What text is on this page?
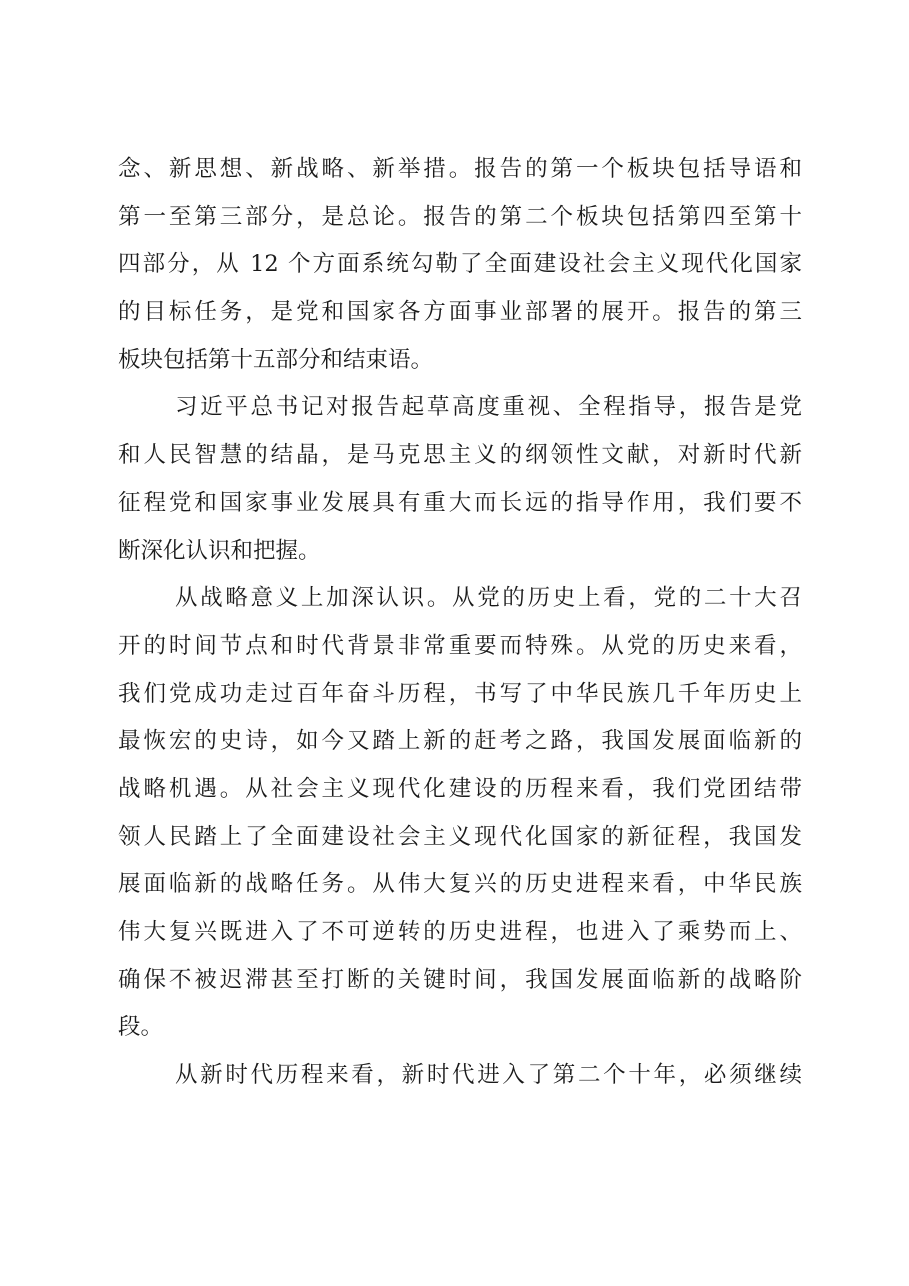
念、新思想、新战略、新举措。报告的第一个板块包括导语和
第一至第三部分，是总论。报告的第二个板块包括第四至第十
四部分，从 12 个方面系统勾勒了全面建设社会主义现代化国家
的目标任务，是党和国家各方面事业部署的展开。报告的第三
板块包括第十五部分和结束语。
习近平总书记对报告起草高度重视、全程指导，报告是党
和人民智慧的结晶，是马克思主义的纲领性文献，对新时代新
征程党和国家事业发展具有重大而长远的指导作用，我们要不
断深化认识和把握。
从战略意义上加深认识。从党的历史上看，党的二十大召
开的时间节点和时代背景非常重要而特殊。从党的历史来看，
我们党成功走过百年奋斗历程，书写了中华民族几千年历史上
最恢宏的史诗，如今又踏上新的赶考之路，我国发展面临新的
战略机遇。从社会主义现代化建设的历程来看，我们党团结带
领人民踏上了全面建设社会主义现代化国家的新征程，我国发
展面临新的战略任务。从伟大复兴的历史进程来看，中华民族
伟大复兴既进入了不可逆转的历史进程，也进入了乘势而上、
确保不被迟滞甚至打断的关键时间，我国发展面临新的战略阶
段。
从新时代历程来看，新时代进入了第二个十年，必须继续
